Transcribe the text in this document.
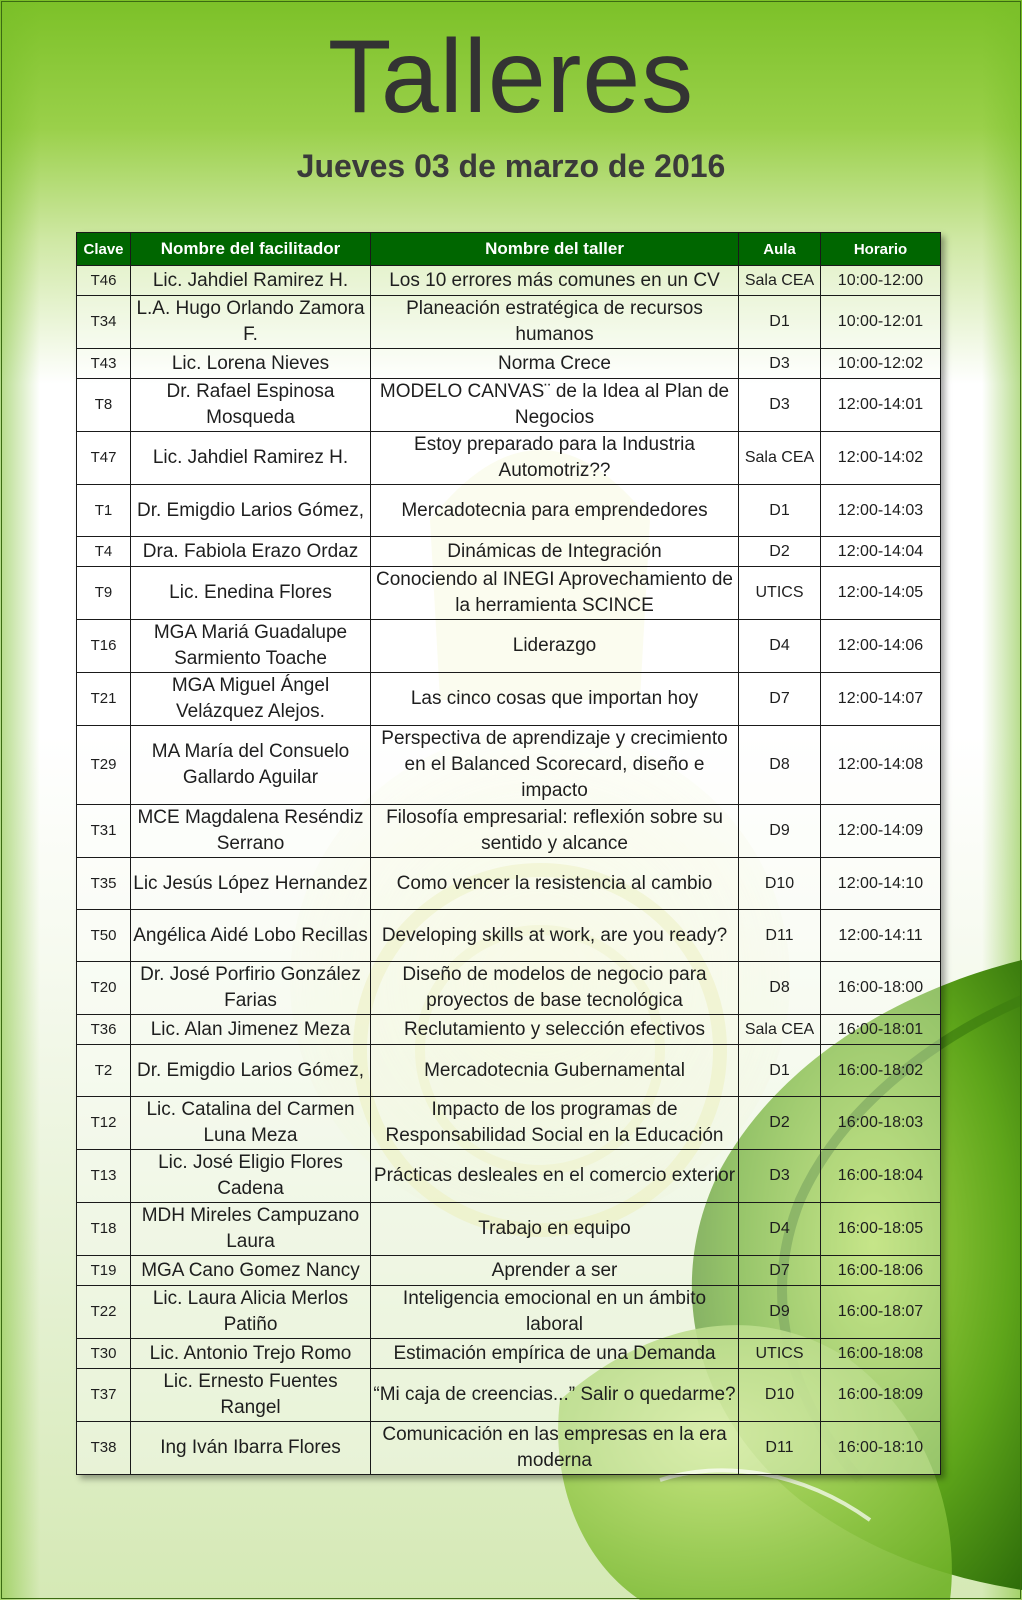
Talleres
Jueves 03 de marzo de 2016
Clave	Nombre del facilitador	Nombre del taller	Aula	Horario
T46	Lic. Jahdiel Ramirez H.	Los 10 errores más comunes en un CV	Sala CEA	10:00-12:00
T34	L.A. Hugo Orlando Zamora F.	Planeación estratégica de recursos humanos	D1	10:00-12:01
T43	Lic. Lorena Nieves	Norma Crece	D3	10:00-12:02
T8	Dr. Rafael Espinosa Mosqueda	MODELO CANVAS¨ de la Idea al Plan de Negocios	D3	12:00-14:01
T47	Lic. Jahdiel Ramirez H.	Estoy preparado para la Industria Automotriz??	Sala CEA	12:00-14:02
T1	Dr. Emigdio Larios Gómez,	Mercadotecnia para emprendedores	D1	12:00-14:03
T4	Dra. Fabiola Erazo Ordaz	Dinámicas de Integración	D2	12:00-14:04
T9	Lic. Enedina Flores	Conociendo al INEGI Aprovechamiento de la herramienta SCINCE	UTICS	12:00-14:05
T16	MGA Mariá Guadalupe Sarmiento Toache	Liderazgo	D4	12:00-14:06
T21	MGA Miguel Ángel Velázquez Alejos.	Las cinco cosas que importan hoy	D7	12:00-14:07
T29	MA María del Consuelo Gallardo Aguilar	Perspectiva de aprendizaje y crecimiento en el Balanced Scorecard, diseño e impacto	D8	12:00-14:08
T31	MCE Magdalena Reséndiz Serrano	Filosofía empresarial: reflexión sobre su sentido y alcance	D9	12:00-14:09
T35	Lic Jesús López Hernandez	Como vencer la resistencia al cambio	D10	12:00-14:10
T50	Angélica Aidé Lobo Recillas	Developing skills at work, are you ready?	D11	12:00-14:11
T20	Dr. José Porfirio González Farias	Diseño de modelos de negocio para proyectos de base tecnológica	D8	16:00-18:00
T36	Lic. Alan Jimenez Meza	Reclutamiento y selección efectivos	Sala CEA	16:00-18:01
T2	Dr. Emigdio Larios Gómez,	Mercadotecnia Gubernamental	D1	16:00-18:02
T12	Lic. Catalina del Carmen Luna Meza	Impacto de los programas de Responsabilidad Social en la Educación	D2	16:00-18:03
T13	Lic. José Eligio Flores Cadena	Prácticas desleales en el comercio exterior	D3	16:00-18:04
T18	MDH Mireles Campuzano Laura	Trabajo en equipo	D4	16:00-18:05
T19	MGA Cano Gomez Nancy	Aprender a ser	D7	16:00-18:06
T22	Lic. Laura Alicia Merlos Patiño	Inteligencia emocional en un ámbito laboral	D9	16:00-18:07
T30	Lic. Antonio Trejo Romo	Estimación empírica de una Demanda	UTICS	16:00-18:08
T37	Lic. Ernesto Fuentes Rangel	“Mi caja de creencias...” Salir o quedarme?	D10	16:00-18:09
T38	Ing Iván Ibarra Flores	Comunicación en las empresas en la era moderna	D11	16:00-18:10
